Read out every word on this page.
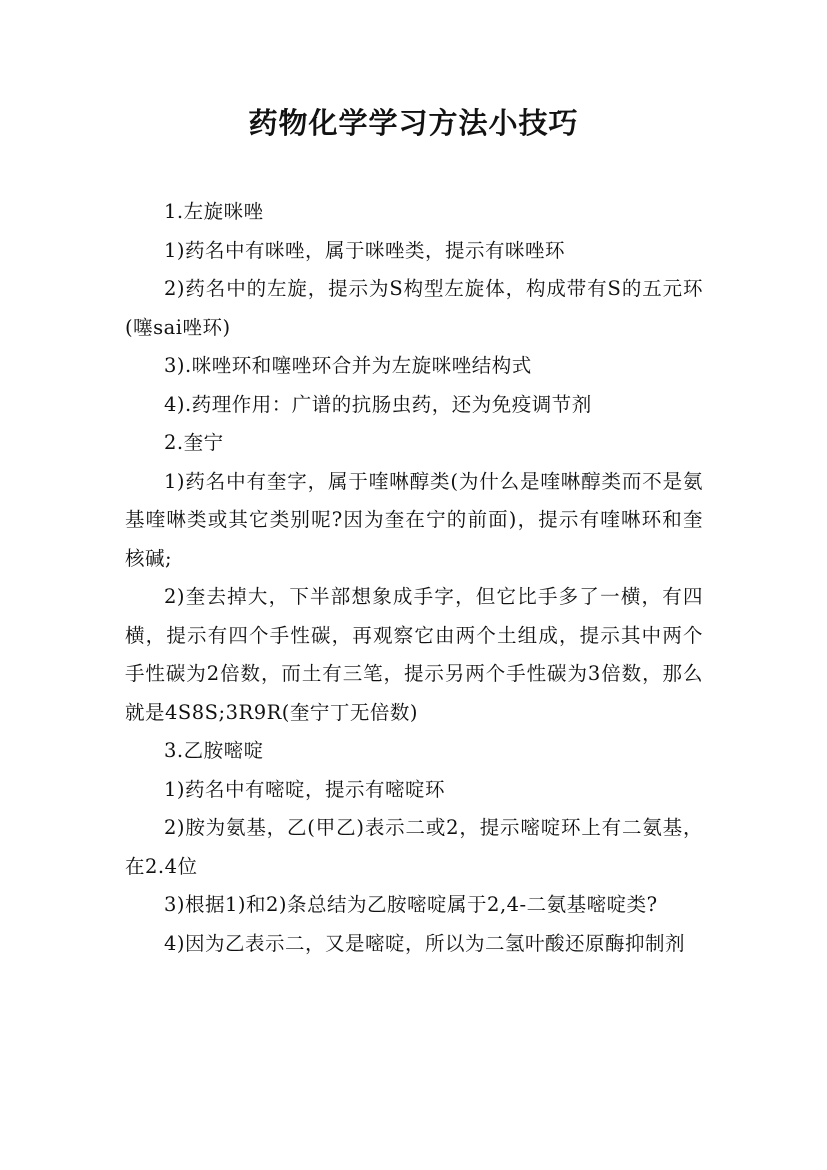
药物化学学习方法小技巧

1.左旋咪唑

1)药名中有咪唑，属于咪唑类，提示有咪唑环

2)药名中的左旋，提示为S构型左旋体，构成带有S的五元环(噻sai唑环)

3).咪唑环和噻唑环合并为左旋咪唑结构式

4).药理作用：广谱的抗肠虫药，还为免疫调节剂

2.奎宁

1)药名中有奎字，属于喹啉醇类(为什么是喹啉醇类而不是氨基喹啉类或其它类别呢?因为奎在宁的前面)，提示有喹啉环和奎核碱;

2)奎去掉大，下半部想象成手字，但它比手多了一横，有四横，提示有四个手性碳，再观察它由两个土组成，提示其中两个手性碳为2倍数，而土有三笔，提示另两个手性碳为3倍数，那么就是4S8S;3R9R(奎宁丁无倍数)

3.乙胺嘧啶

1)药名中有嘧啶，提示有嘧啶环

2)胺为氨基，乙(甲乙)表示二或2，提示嘧啶环上有二氨基，在2.4位

3)根据1)和2)条总结为乙胺嘧啶属于2,4-二氨基嘧啶类?

4)因为乙表示二，又是嘧啶，所以为二氢叶酸还原酶抑制剂
